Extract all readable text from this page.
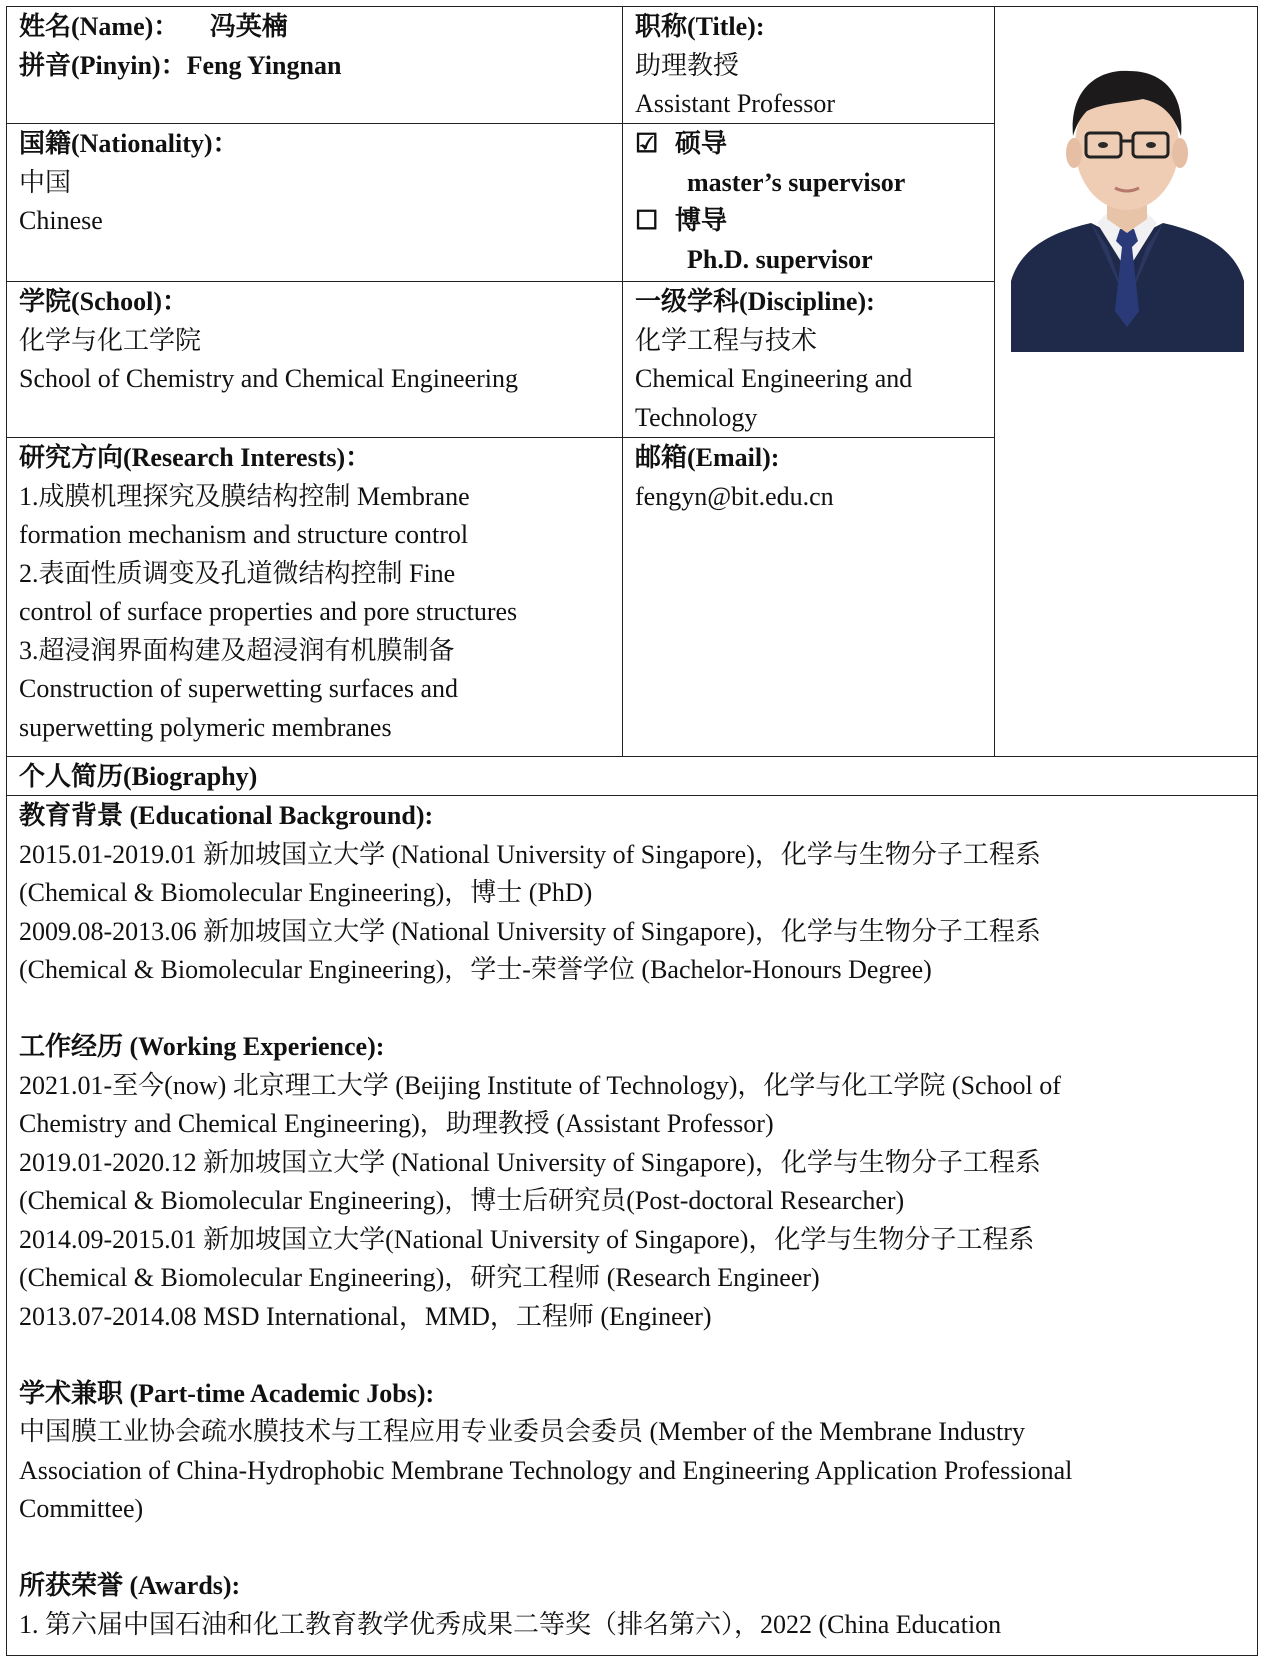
姓名(Name)： 冯英楠
拼音(Pinyin)：Feng Yingnan
职称(Title):
助理教授
Assistant Professor
国籍(Nationality)：
中国
Chinese
☑ 硕导
master’s supervisor
☐ 博导
Ph.D. supervisor
学院(School)：
化学与化工学院
School of Chemistry and Chemical Engineering
一级学科(Discipline):
化学工程与技术
Chemical Engineering and
Technology
研究方向(Research Interests)：
1.成膜机理探究及膜结构控制 Membrane
formation mechanism and structure control
2.表面性质调变及孔道微结构控制 Fine
control of surface properties and pore structures
3.超浸润界面构建及超浸润有机膜制备
Construction of superwetting surfaces and
superwetting polymeric membranes
邮箱(Email):
fengyn@bit.edu.cn
个人简历(Biography)
教育背景 (Educational Background):
2015.01-2019.01 新加坡国立大学 (National University of Singapore)，化学与生物分子工程系
(Chemical & Biomolecular Engineering)，博士 (PhD)
2009.08-2013.06 新加坡国立大学 (National University of Singapore)，化学与生物分子工程系
(Chemical & Biomolecular Engineering)，学士-荣誉学位 (Bachelor-Honours Degree)
工作经历 (Working Experience):
2021.01-至今(now) 北京理工大学 (Beijing Institute of Technology)，化学与化工学院 (School of
Chemistry and Chemical Engineering)，助理教授 (Assistant Professor)
2019.01-2020.12 新加坡国立大学 (National University of Singapore)，化学与生物分子工程系
(Chemical & Biomolecular Engineering)，博士后研究员(Post-doctoral Researcher)
2014.09-2015.01 新加坡国立大学(National University of Singapore)，化学与生物分子工程系
(Chemical & Biomolecular Engineering)，研究工程师 (Research Engineer)
2013.07-2014.08 MSD International，MMD，工程师 (Engineer)
学术兼职 (Part-time Academic Jobs):
中国膜工业协会疏水膜技术与工程应用专业委员会委员 (Member of the Membrane Industry
Association of China-Hydrophobic Membrane Technology and Engineering Application Professional
Committee)
所获荣誉 (Awards):
1. 第六届中国石油和化工教育教学优秀成果二等奖（排名第六），2022 (China Education
